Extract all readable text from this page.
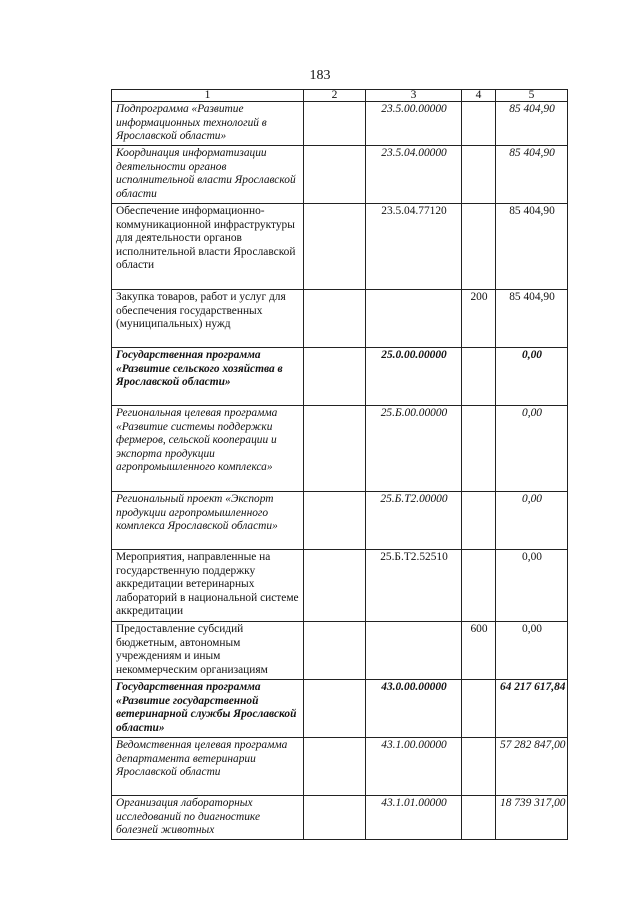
183
1	2	3	4	5
Подпрограмма «Развитие информационных технологий в Ярославской области»		23.5.00.00000		85 404,90
Координация информатизации деятельности органов исполнительной власти Ярославской области		23.5.04.00000		85 404,90
Обеспечение информационно-коммуникационной инфраструктуры для деятельности органов исполнительной власти Ярославской области		23.5.04.77120		85 404,90
Закупка товаров, работ и услуг для обеспечения государственных (муниципальных) нужд			200	85 404,90
Государственная программа «Развитие сельского хозяйства в Ярославской области»		25.0.00.00000		0,00
Региональная целевая программа «Развитие системы поддержки фермеров, сельской кооперации и экспорта продукции агропромышленного комплекса»		25.Б.00.00000		0,00
Региональный проект «Экспорт продукции агропромышленного комплекса Ярославской области»		25.Б.Т2.00000		0,00
Мероприятия, направленные на государственную поддержку аккредитации ветеринарных лабораторий в национальной системе аккредитации		25.Б.Т2.52510		0,00
Предоставление субсидий бюджетным, автономным учреждениям и иным некоммерческим организациям			600	0,00
Государственная программа «Развитие государственной ветеринарной службы Ярославской области»		43.0.00.00000		64 217 617,84
Ведомственная целевая программа департамента ветеринарии Ярославской области		43.1.00.00000		57 282 847,00
Организация лабораторных исследований по диагностике болезней животных		43.1.01.00000		18 739 317,00
